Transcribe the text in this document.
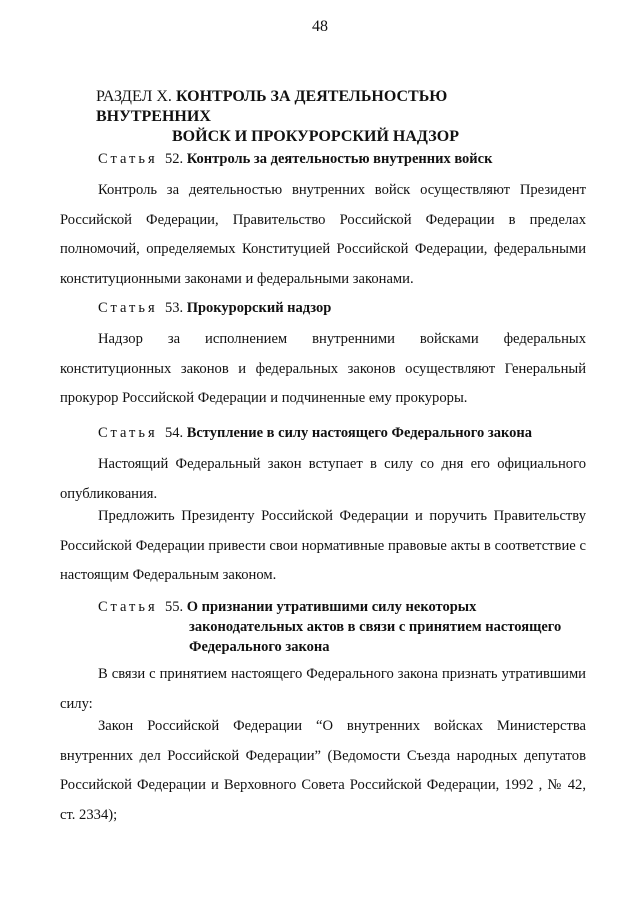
48
РАЗДЕЛ X. КОНТРОЛЬ ЗА ДЕЯТЕЛЬНОСТЬЮ ВНУТРЕННИХ
ВОЙСК И ПРОКУРОРСКИЙ НАДЗОР
Статья 52. Контроль за деятельностью внутренних войск

Контроль за деятельностью внутренних войск осуществляют Президент Российской Федерации, Правительство Российской Федерации в пределах полномочий, определяемых Конституцией Российской Федерации, федеральными конституционными законами и федеральными законами.

Статья 53. Прокурорский надзор

Надзор за исполнением внутренними войсками федеральных конституционных законов и федеральных законов осуществляют Генеральный прокурор Российской Федерации и подчиненные ему прокуроры.

Статья 54. Вступление в силу настоящего Федерального закона

Настоящий Федеральный закон вступает в силу со дня его официального опубликования.

Предложить Президенту Российской Федерации и поручить Правительству Российской Федерации привести свои нормативные правовые акты в соответствие с настоящим Федеральным законом.

Статья 55. О признании утратившими силу некоторых
законодательных актов в связи с принятием настоящего
Федерального закона

В связи с принятием настоящего Федерального закона признать утратившими силу:

Закон Российской Федерации “О внутренних войсках Министерства внутренних дел Российской Федерации” (Ведомости Съезда народных депутатов Российской Федерации и Верховного Совета Российской Федерации, 1992 , № 42, ст. 2334);
